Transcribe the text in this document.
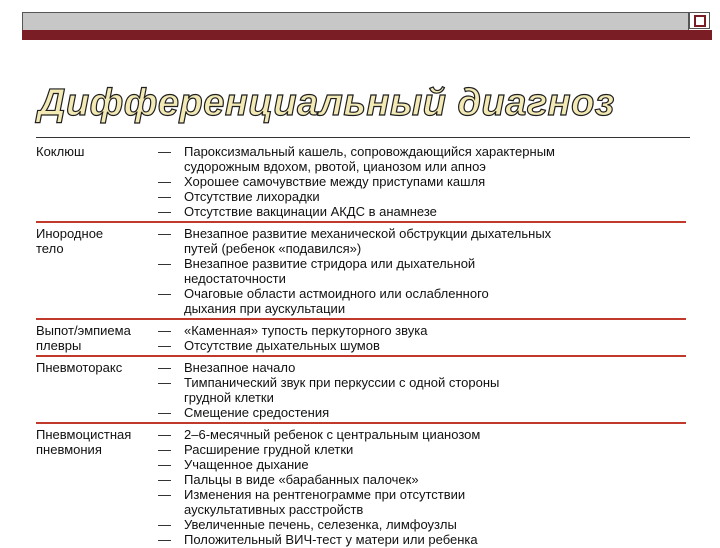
Дифференциальный диагноз
Коклюш	—	Пароксизмальный кашель, сопровождающийся характерным
судорожным вдохом, рвотой, цианозом или апноэ
—	Хорошее самочувствие между приступами кашля
—	Отсутствие лихорадки
—	Отсутствие вакцинации АКДС в анамнезе
Инородное
тело
—	Внезапное развитие механической обструкции дыхательных
путей (ребенок «подавился»)
—	Внезапное развитие стридора или дыхательной
недостаточности
—	Очаговые области астмоидного или ослабленного
дыхания при аускультации
Выпот/эмпиема
плевры
—	«Каменная» тупость перкуторного звука
—	Отсутствие дыхательных шумов
Пневмоторакс	—	Внезапное начало
—	Тимпанический звук при перкуссии с одной стороны
грудной клетки
—	Смещение средостения
Пневмоцистная
пневмония
—	2–6-месячный ребенок с центральным цианозом
—	Расширение грудной клетки
—	Учащенное дыхание
—	Пальцы в виде «барабанных палочек»
—	Изменения на рентгенограмме при отсутствии
аускультативных расстройств
—	Увеличенные печень, селезенка, лимфоузлы
—	Положительный ВИЧ-тест у матери или ребенка
